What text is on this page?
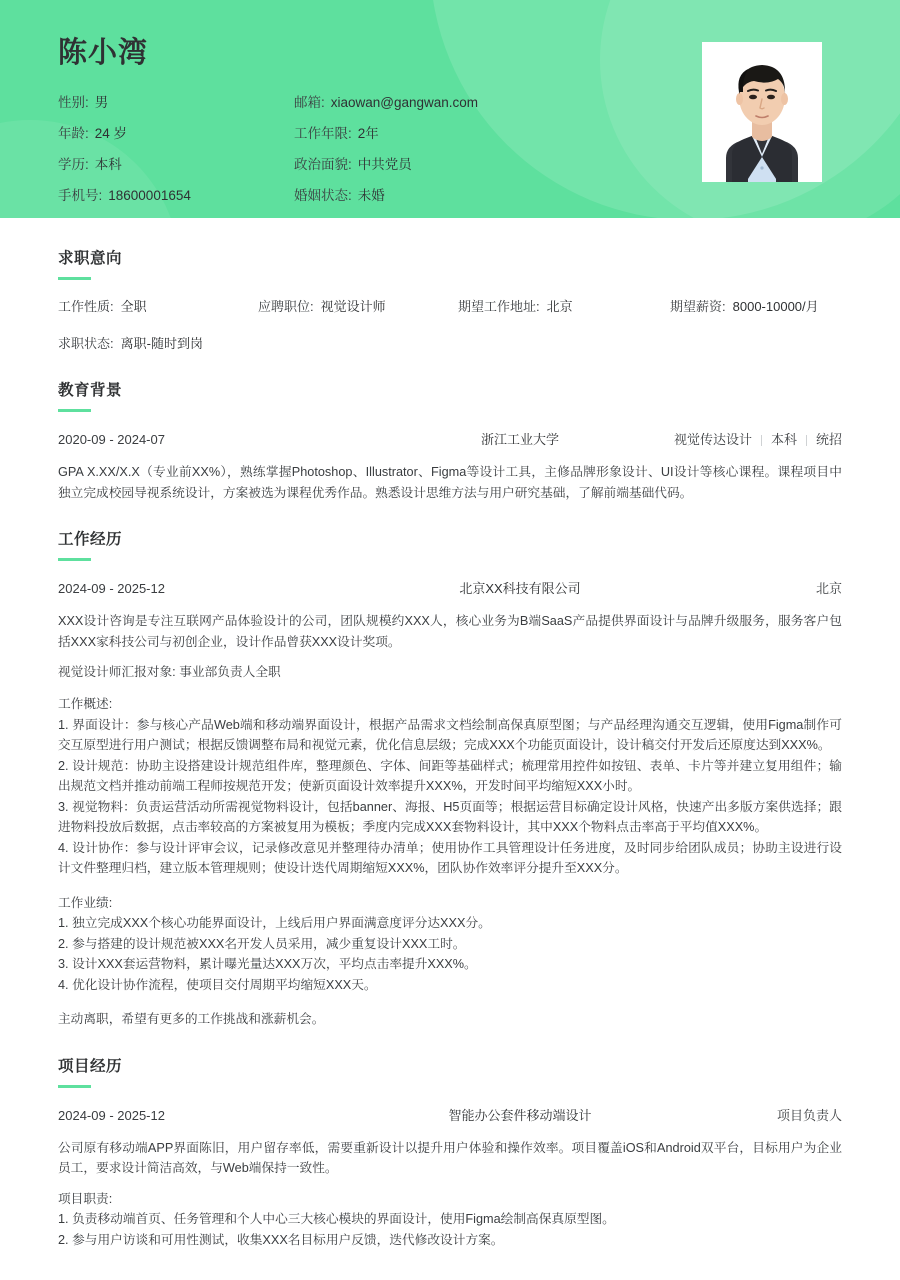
陈小湾
性别: 男	邮箱: xiaowan@gangwan.com
年龄: 24 岁	工作年限: 2年
学历: 本科	政治面貌: 中共党员
手机号: 18600001654	婚姻状态: 未婚
求职意向
工作性质: 全职	应聘职位: 视觉设计师	期望工作地址: 北京	期望薪资: 8000-10000/月
求职状态: 离职-随时到岗
教育背景
2020-09 - 2024-07	浙江工业大学	视觉传达设计 本科 统招
GPA X.XX/X.X（专业前XX%），熟练掌握Photoshop、Illustrator、Figma等设计工具，主修品牌形象设计、UI设计等核心课程。课程项目中独立完成校园导视系统设计，方案被选为课程优秀作品。熟悉设计思维方法与用户研究基础，了解前端基础代码。
工作经历
2024-09 - 2025-12	北京XX科技有限公司	北京
XXX设计咨询是专注互联网产品体验设计的公司，团队规模约XXX人，核心业务为B端SaaS产品提供界面设计与品牌升级服务，服务客户包括XXX家科技公司与初创企业，设计作品曾获XXX设计奖项。
视觉设计师 汇报对象: 事业部负责人 全职
工作概述:
1. 界面设计：参与核心产品Web端和移动端界面设计，根据产品需求文档绘制高保真原型图；与产品经理沟通交互逻辑，使用Figma制作可交互原型进行用户测试；根据反馈调整布局和视觉元素，优化信息层级；完成XXX个功能页面设计，设计稿交付开发后还原度达到XXX%。
2. 设计规范：协助主设搭建设计规范组件库，整理颜色、字体、间距等基础样式；梳理常用控件如按钮、表单、卡片等并建立复用组件；输出规范文档并推动前端工程师按规范开发；使新页面设计效率提升XXX%，开发时间平均缩短XXX小时。
3. 视觉物料：负责运营活动所需视觉物料设计，包括banner、海报、H5页面等；根据运营目标确定设计风格，快速产出多版方案供选择；跟进物料投放后数据，点击率较高的方案被复用为模板；季度内完成XXX套物料设计，其中XXX个物料点击率高于平均值XXX%。
4. 设计协作：参与设计评审会议，记录修改意见并整理待办清单；使用协作工具管理设计任务进度，及时同步给团队成员；协助主设进行设计文件整理归档，建立版本管理规则；使设计迭代周期缩短XXX%，团队协作效率评分提升至XXX分。
工作业绩:
1. 独立完成XXX个核心功能界面设计，上线后用户界面满意度评分达XXX分。
2. 参与搭建的设计规范被XXX名开发人员采用，减少重复设计XXX工时。
3. 设计XXX套运营物料，累计曝光量达XXX万次，平均点击率提升XXX%。
4. 优化设计协作流程，使项目交付周期平均缩短XXX天。
主动离职，希望有更多的工作挑战和涨薪机会。
项目经历
2024-09 - 2025-12	智能办公套件移动端设计	项目负责人
公司原有移动端APP界面陈旧，用户留存率低，需要重新设计以提升用户体验和操作效率。项目覆盖iOS和Android双平台，目标用户为企业员工，要求设计简洁高效，与Web端保持一致性。
项目职责:
1. 负责移动端首页、任务管理和个人中心三大核心模块的界面设计，使用Figma绘制高保真原型图。
2. 参与用户访谈和可用性测试，收集XXX名目标用户反馈，迭代修改设计方案。
